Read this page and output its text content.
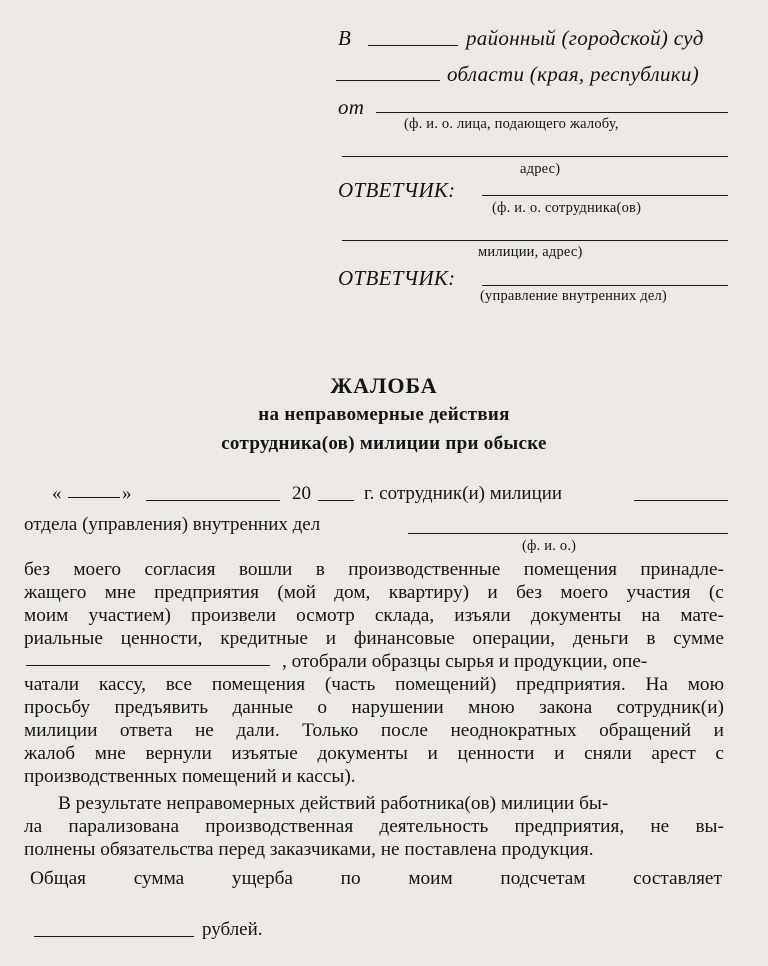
В	районный (городской) суд
области (края, республики)
от
(ф. и. о. лица, подающего жалобу,
адрес)
ОТВЕТЧИК:
(ф. и. о. сотрудника(ов)
милиции, адрес)
ОТВЕТЧИК:
(управление внутренних дел)
ЖАЛОБА
на неправомерные действия
сотрудника(ов) милиции при обыске
«	»	20	г. сотрудник(и) милиции
отдела (управления) внутренних дел
(ф. и. о.)
без моего согласия вошли в производственные помещения принадле-
жащего мне предприятия (мой дом, квартиру) и без моего участия (с
моим участием) произвели осмотр склада, изъяли документы на мате-
риальные ценности, кредитные и финансовые операции, деньги в сумме
, отобрали образцы сырья и продукции, опе-
чатали кассу, все помещения (часть помещений) предприятия. На мою
просьбу предъявить данные о нарушении мною закона сотрудник(и)
милиции ответа не дали. Только после неоднократных обращений и
жалоб мне вернули изъятые документы и ценности и сняли арест с
производственных помещений и кассы).
В результате неправомерных действий работника(ов) милиции бы-
ла парализована производственная деятельность предприятия, не вы-
полнены обязательства перед заказчиками, не поставлена продукция.
Общая сумма ущерба по моим подсчетам составляет
рублей.
